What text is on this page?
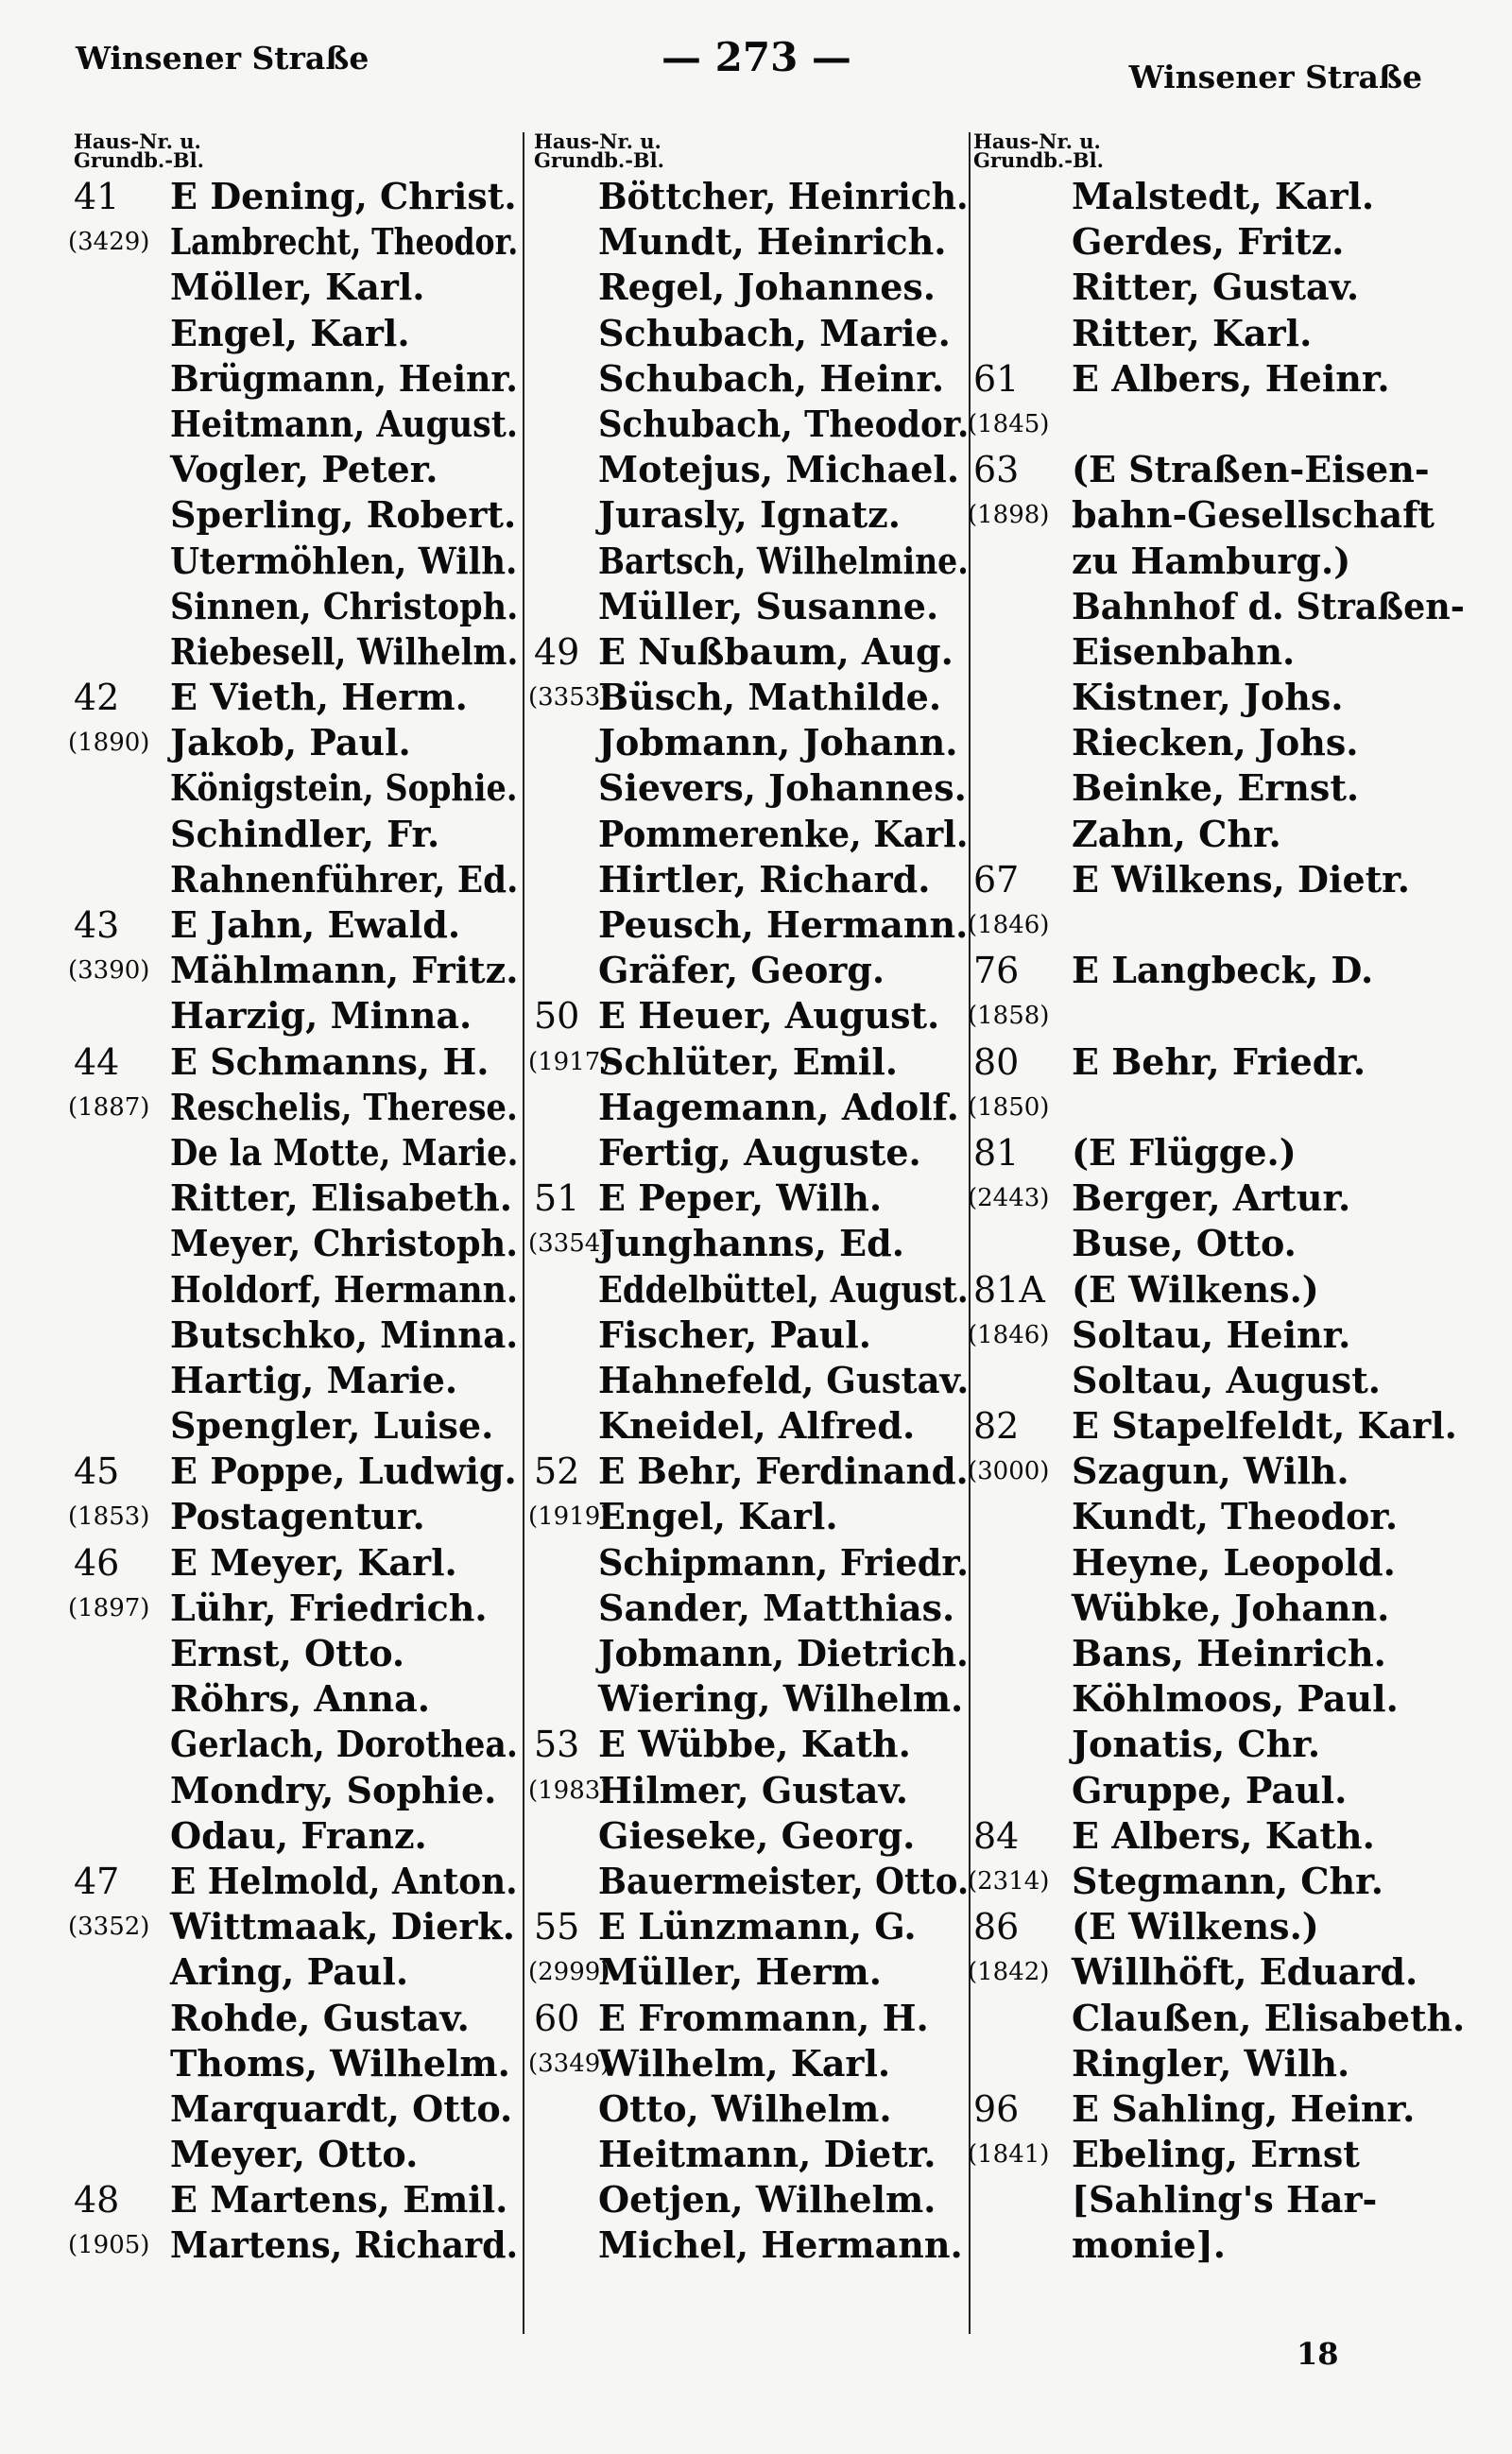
Winsener Straße	— 273 —	Winsener Straße
Haus-Nr. u.
Grundb.-Bl.
41 E Dening, Christ.
(3429) Lambrecht, Theodor.
Möller, Karl.
Engel, Karl.
Brügmann, Heinr.
Heitmann, August.
Vogler, Peter.
Sperling, Robert.
Utermöhlen, Wilh.
Sinnen, Christoph.
Riebesell, Wilhelm.
42 E Vieth, Herm.
(1890) Jakob, Paul.
Königstein, Sophie.
Schindler, Fr.
Rahnenführer, Ed.
43 E Jahn, Ewald.
(3390) Mählmann, Fritz.
Harzig, Minna.
44 E Schmanns, H.
(1887) Reschelis, Therese.
De la Motte, Marie.
Ritter, Elisabeth.
Meyer, Christoph.
Holdorf, Hermann.
Butschko, Minna.
Hartig, Marie.
Spengler, Luise.
45 E Poppe, Ludwig.
(1853) Postagentur.
46 E Meyer, Karl.
(1897) Lühr, Friedrich.
Ernst, Otto.
Röhrs, Anna.
Gerlach, Dorothea.
Mondry, Sophie.
Odau, Franz.
47 E Helmold, Anton.
(3352) Wittmaak, Dierk.
Aring, Paul.
Rohde, Gustav.
Thoms, Wilhelm.
Marquardt, Otto.
Meyer, Otto.
48 E Martens, Emil.
(1905) Martens, Richard.
Haus-Nr. u.
Grundb.-Bl.
Böttcher, Heinrich.
Mundt, Heinrich.
Regel, Johannes.
Schubach, Marie.
Schubach, Heinr.
Schubach, Theodor.
Motejus, Michael.
Jurasly, Ignatz.
Bartsch, Wilhelmine.
Müller, Susanne.
49 E Nußbaum, Aug.
(3353)
Büsch, Mathilde.
Jobmann, Johann.
Sievers, Johannes.
Pommerenke, Karl.
Hirtler, Richard.
Peusch, Hermann.
Gräfer, Georg.
50 E Heuer, August.
(1917)
Schlüter, Emil.
Hagemann, Adolf.
Fertig, Auguste.
51 E Peper, Wilh.
(3354)
Junghanns, Ed.
Eddelbüttel, August.
Fischer, Paul.
Hahnefeld, Gustav.
Kneidel, Alfred.
52 E Behr, Ferdinand.
(1919)
Engel, Karl.
Schipmann, Friedr.
Sander, Matthias.
Jobmann, Dietrich.
Wiering, Wilhelm.
53 E Wübbe, Kath.
(1983)
Hilmer, Gustav.
Gieseke, Georg.
Bauermeister, Otto.
55 E Lünzmann, G.
(2999)
Müller, Herm.
60 E Frommann, H.
(3349)
Wilhelm, Karl.
Otto, Wilhelm.
Heitmann, Dietr.
Oetjen, Wilhelm.
Michel, Hermann.
Haus-Nr. u.
Grundb.-Bl.
Malstedt, Karl.
Gerdes, Fritz.
Ritter, Gustav.
Ritter, Karl.
61 E Albers, Heinr.
(1845)
63 (E Straßen-Eisen-
(1898) bahn-Gesellschaft
zu Hamburg.)
Bahnhof d. Straßen-
Eisenbahn.
Kistner, Johs.
Riecken, Johs.
Beinke, Ernst.
Zahn, Chr.
67 E Wilkens, Dietr.
(1846)
76 E Langbeck, D.
(1858)
80 E Behr, Friedr.
(1850)
81 (E Flügge.)
(2443) Berger, Artur.
Buse, Otto.
81A (E Wilkens.)
(1846) Soltau, Heinr.
Soltau, August.
82 E Stapelfeldt, Karl.
(3000) Szagun, Wilh.
Kundt, Theodor.
Heyne, Leopold.
Wübke, Johann.
Bans, Heinrich.
Köhlmoos, Paul.
Jonatis, Chr.
Gruppe, Paul.
84 E Albers, Kath.
(2314) Stegmann, Chr.
86 (E Wilkens.)
(1842) Willhöft, Eduard.
Claußen, Elisabeth.
Ringler, Wilh.
96 E Sahling, Heinr.
(1841) Ebeling, Ernst
[Sahling's Har-
monie].
18
